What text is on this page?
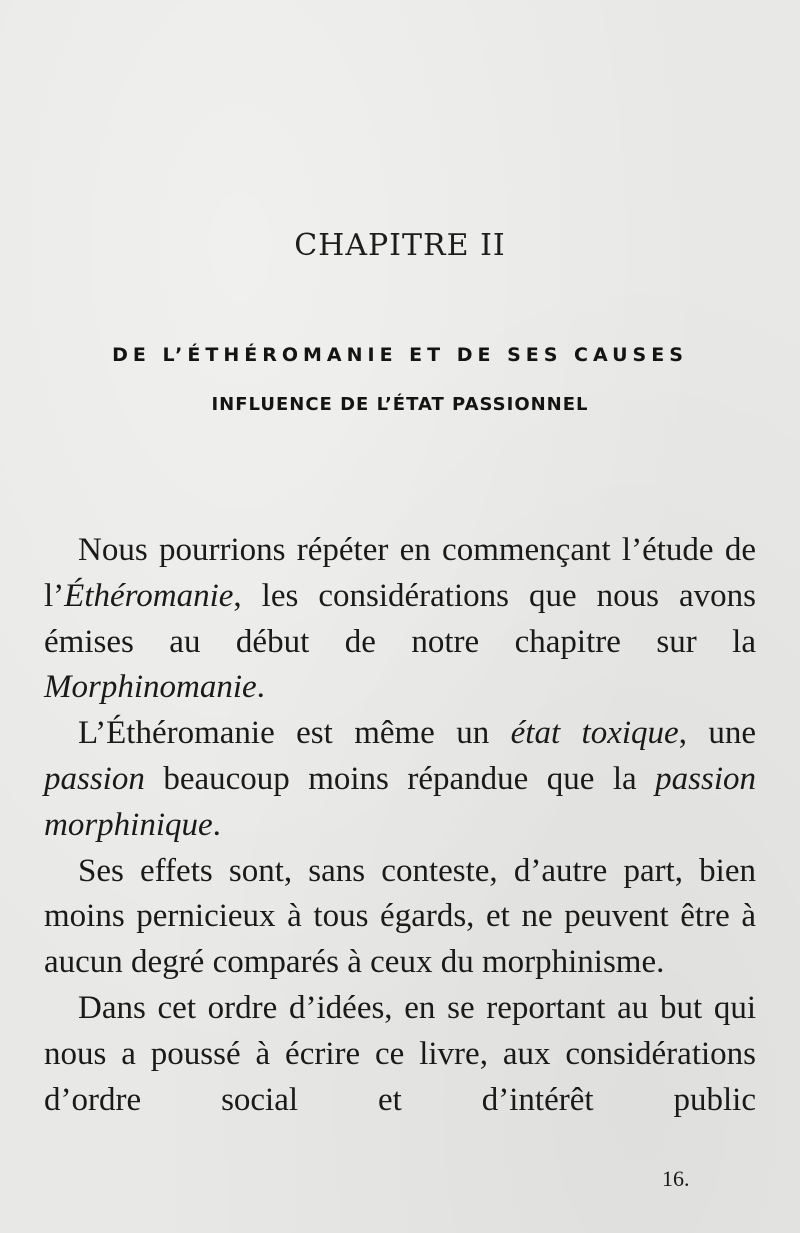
CHAPITRE II

DE L’ÉTHÉROMANIE ET DE SES CAUSES

INFLUENCE DE L’ÉTAT PASSIONNEL

Nous pourrions répéter en commençant l’étude de l’Éthéromanie, les considérations que nous avons émises au début de notre chapitre sur la Morphinomanie.

L’Éthéromanie est même un état toxique, une passion beaucoup moins répandue que la passion morphinique.

Ses effets sont, sans conteste, d’autre part, bien moins pernicieux à tous égards, et ne peuvent être à aucun degré comparés à ceux du morphinisme.

Dans cet ordre d’idées, en se reportant au but qui nous a poussé à écrire ce livre, aux considérations d’ordre social et d’intérêt public

16.
